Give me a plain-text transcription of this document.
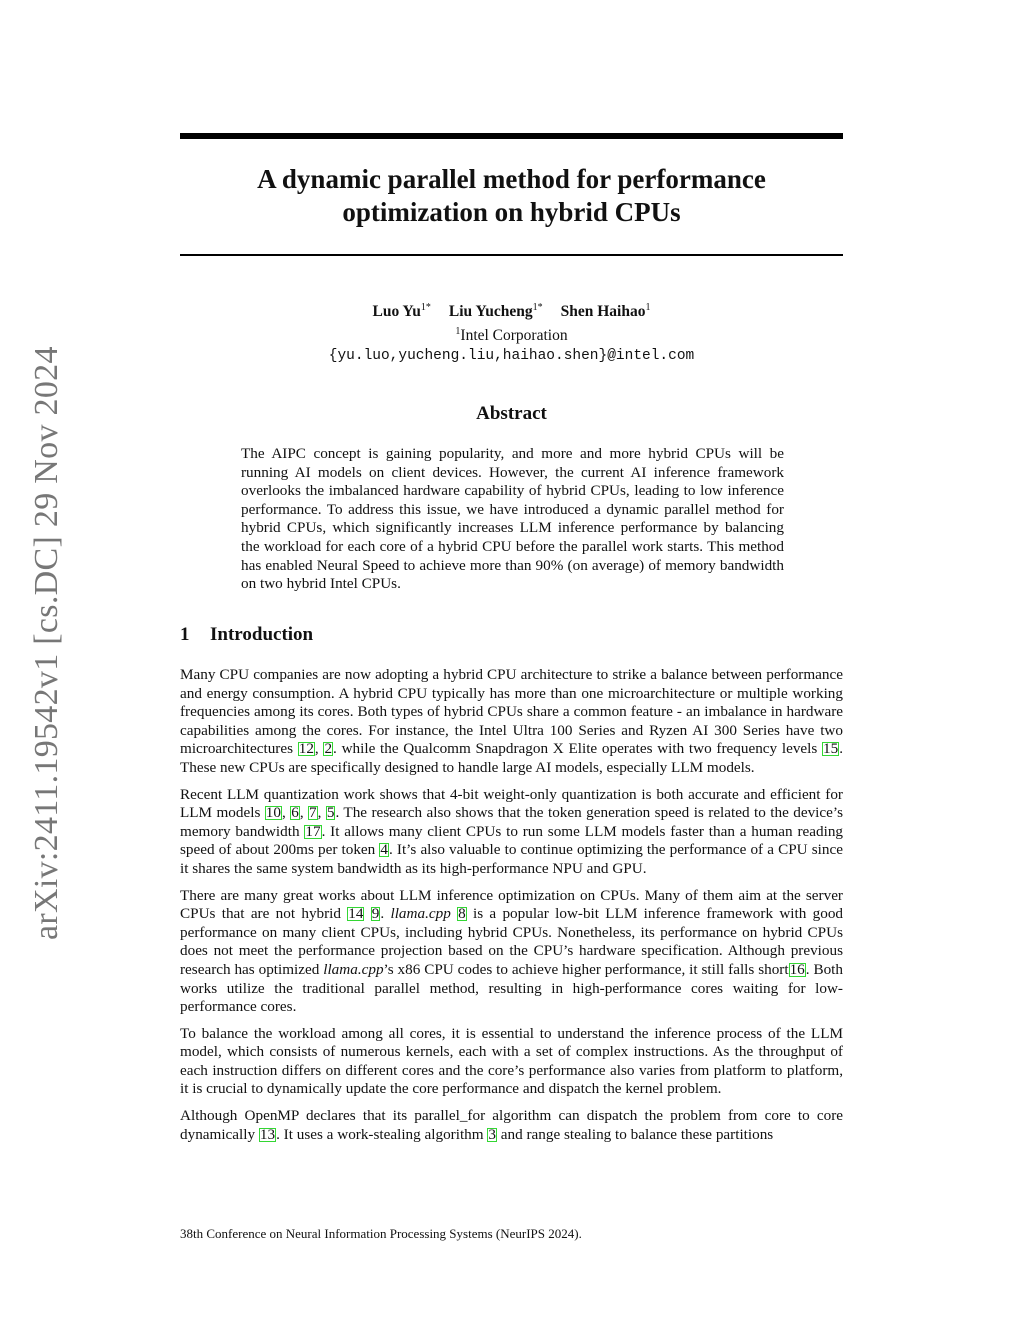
arXiv:2411.19542v1 [cs.DC] 29 Nov 2024
A dynamic parallel method for performance
optimization on hybrid CPUs
Luo $Yu^{1*}$ Liu Yucheng$^{1*}$ Shen Haihao$^1$
$^1$Intel Corporation
{yu.luo,yucheng.liu,haihao.shen}@intel.com
Abstract
The AIPC concept is gaining popularity, and more and more hybrid CPUs will be running AI models on client devices. However, the current AI inference framework overlooks the imbalanced hardware capability of hybrid CPUs, leading to low inference performance. To address this issue, we have introduced a dynamic parallel method for hybrid CPUs, which significantly increases LLM inference performance by balancing the workload for each core of a hybrid CPU before the parallel work starts. This method has enabled Neural Speed to achieve more than 90% (on average) of memory bandwidth on two hybrid Intel CPUs.
1 Introduction

Many CPU companies are now adopting a hybrid CPU architecture to strike a balance between performance and energy consumption. A hybrid CPU typically has more than one microarchitecture or multiple working frequencies among its cores. Both types of hybrid CPUs share a common feature - an imbalance in hardware capabilities among the cores. For instance, the Intel Ultra 100 Series and Ryzen AI 300 Series have two microarchitectures 12, 2. while the Qualcomm Snapdragon X Elite operates with two frequency levels 15. These new CPUs are specifically designed to handle large AI models, especially LLM models.

Recent LLM quantization work shows that 4-bit weight-only quantization is both accurate and efficient for LLM models 10, 6, 7, 5. The research also shows that the token generation speed is related to the device’s memory bandwidth 17. It allows many client CPUs to run some LLM models faster than a human reading speed of about 200ms per token 4. It’s also valuable to continue optimizing the performance of a CPU since it shares the same system bandwidth as its high-performance NPU and GPU.

There are many great works about LLM inference optimization on CPUs. Many of them aim at the server CPUs that are not hybrid 14 9. llama.cpp 8 is a popular low-bit LLM inference framework with good performance on many client CPUs, including hybrid CPUs. Nonetheless, its performance on hybrid CPUs does not meet the performance projection based on the CPU’s hardware specification. Although previous research has optimized llama.cpp’s x86 CPU codes to achieve higher performance, it still falls short16. Both works utilize the traditional parallel method, resulting in high-performance cores waiting for low-performance cores.

To balance the workload among all cores, it is essential to understand the inference process of the LLM model, which consists of numerous kernels, each with a set of complex instructions. As the throughput of each instruction differs on different cores and the core’s performance also varies from platform to platform, it is crucial to dynamically update the core performance and dispatch the kernel problem.

Although OpenMP declares that its parallel_for algorithm can dispatch the problem from core to core dynamically 13. It uses a work-stealing algorithm 3 and range stealing to balance these partitions

38th Conference on Neural Information Processing Systems (NeurIPS 2024).
